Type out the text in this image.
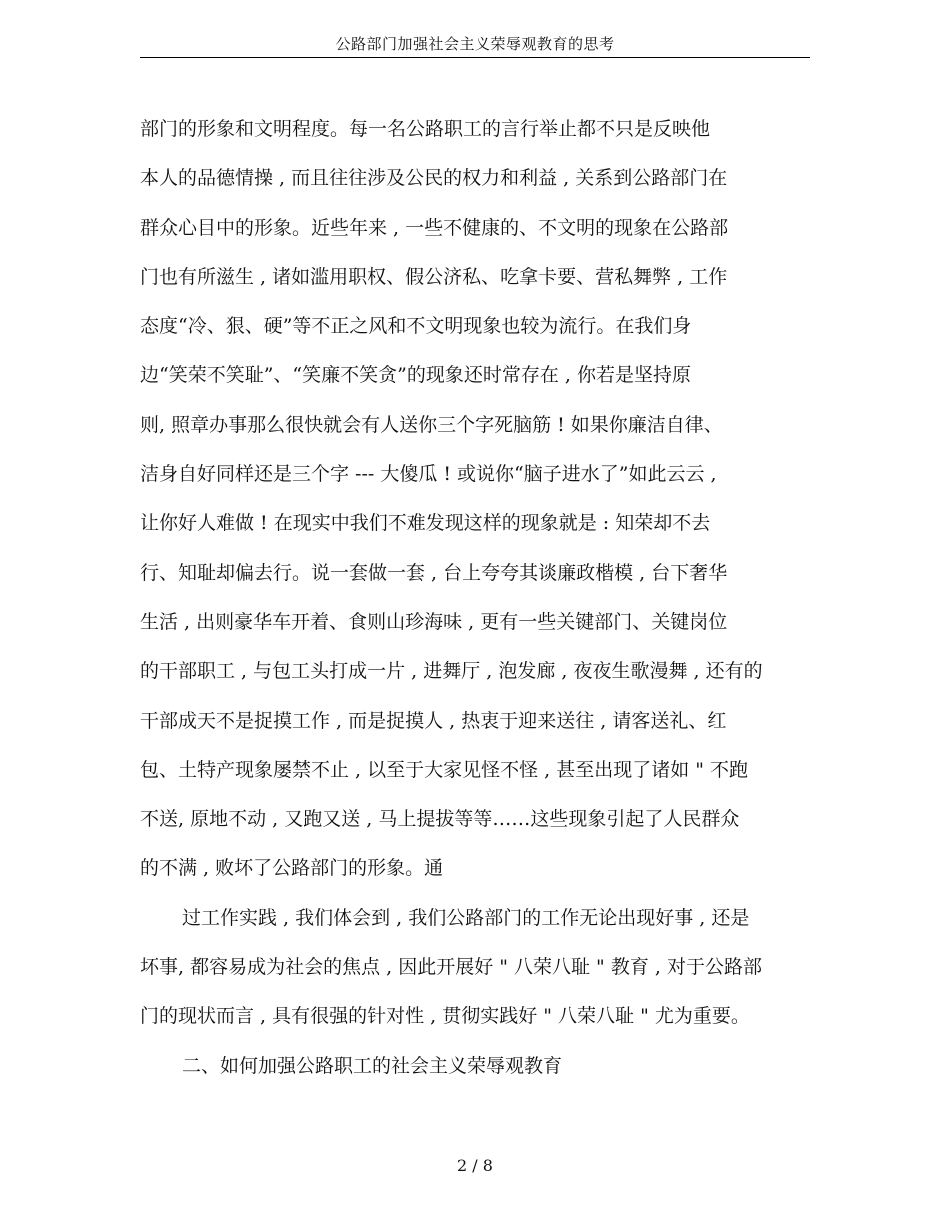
公路部门加强社会主义荣辱观教育的思考
部门的形象和文明程度。每一名公路职工的言行举止都不只是反映他
本人的品德情操 , 而且往往涉及公民的权力和利益 , 关系到公路部门在
群众心目中的形象。近些年来 , 一些不健康的、不文明的现象在公路部
门也有所滋生 , 诸如滥用职权、假公济私、吃拿卡要、营私舞弊 , 工作
态度“冷、狠、硬”等不正之风和不文明现象也较为流行。在我们身
边“笑荣不笑耻”、“笑廉不笑贪”的现象还时常存在 , 你若是坚持原
则, 照章办事那么很快就会有人送你三个字死脑筋 ! 如果你廉洁自律、
洁身自好同样还是三个字 --- 大傻瓜 ! 或说你“脑子进水了”如此云云 ,
让你好人难做 ! 在现实中我们不难发现这样的现象就是 : 知荣却不去
行、知耻却偏去行。说一套做一套 , 台上夸夸其谈廉政楷模 , 台下奢华
生活 , 出则豪华车开着、食则山珍海味 , 更有一些关键部门、关键岗位
的干部职工 , 与包工头打成一片 , 进舞厅 , 泡发廊 , 夜夜生歌漫舞 , 还有的
干部成天不是捉摸工作 , 而是捉摸人 , 热衷于迎来送往 , 请客送礼、红
包、土特产现象屡禁不止 , 以至于大家见怪不怪 , 甚至出现了诸如 " 不跑
不送, 原地不动 , 又跑又送 , 马上提拔等等……这些现象引起了人民群众
的不满 , 败坏了公路部门的形象。通
过工作实践 , 我们体会到 , 我们公路部门的工作无论出现好事 , 还是
坏事, 都容易成为社会的焦点 , 因此开展好 " 八荣八耻 " 教育 , 对于公路部
门的现状而言 , 具有很强的针对性 , 贯彻实践好 " 八荣八耻 " 尤为重要。
二、如何加强公路职工的社会主义荣辱观教育
2 / 8
